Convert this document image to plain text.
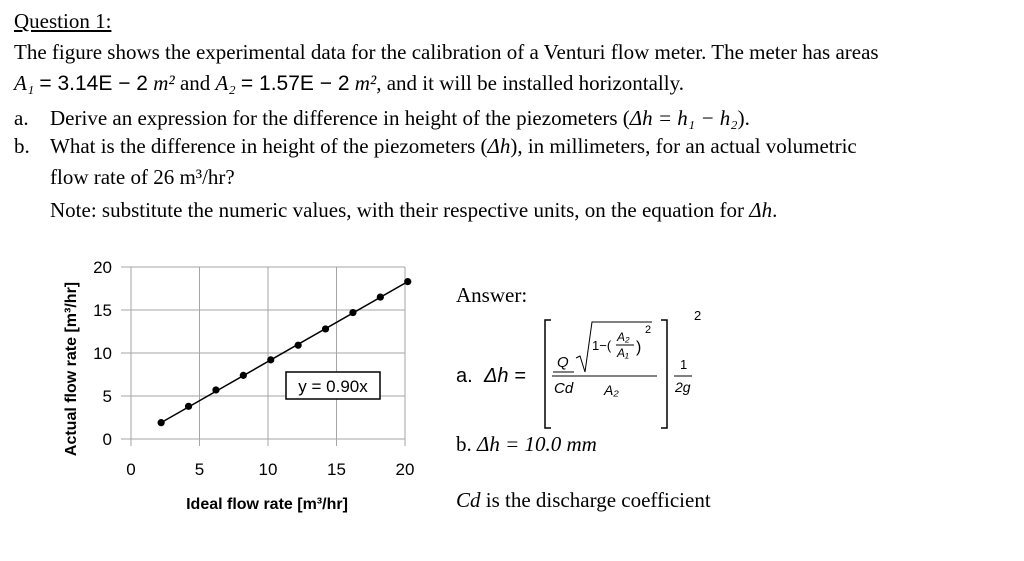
Question 1:
The figure shows the experimental data for the calibration of a Venturi flow meter. The meter has areas
A₁ = 3.14E − 2 m² and A₂ = 1.57E − 2 m², and it will be installed horizontally.
a. Derive an expression for the difference in height of the piezometers (Δh = h₁ − h₂).
b. What is the difference in height of the piezometers (Δh), in millimeters, for an actual volumetric
flow rate of 26 m³/hr?
Note: substitute the numeric values, with their respective units, on the equation for Δh.
0
5
10
15
20
0	5	10	15	20
y = 0.90x
Ideal flow rate [m³/hr]
Actual flow rate [m³/hr]	Answer:
a. Δh =
Q
Cd
1−(
A₂
A₁ )
2
A₂
1
2g
2
b. Δh = 10.0 mm
Cd is the discharge coefficient
